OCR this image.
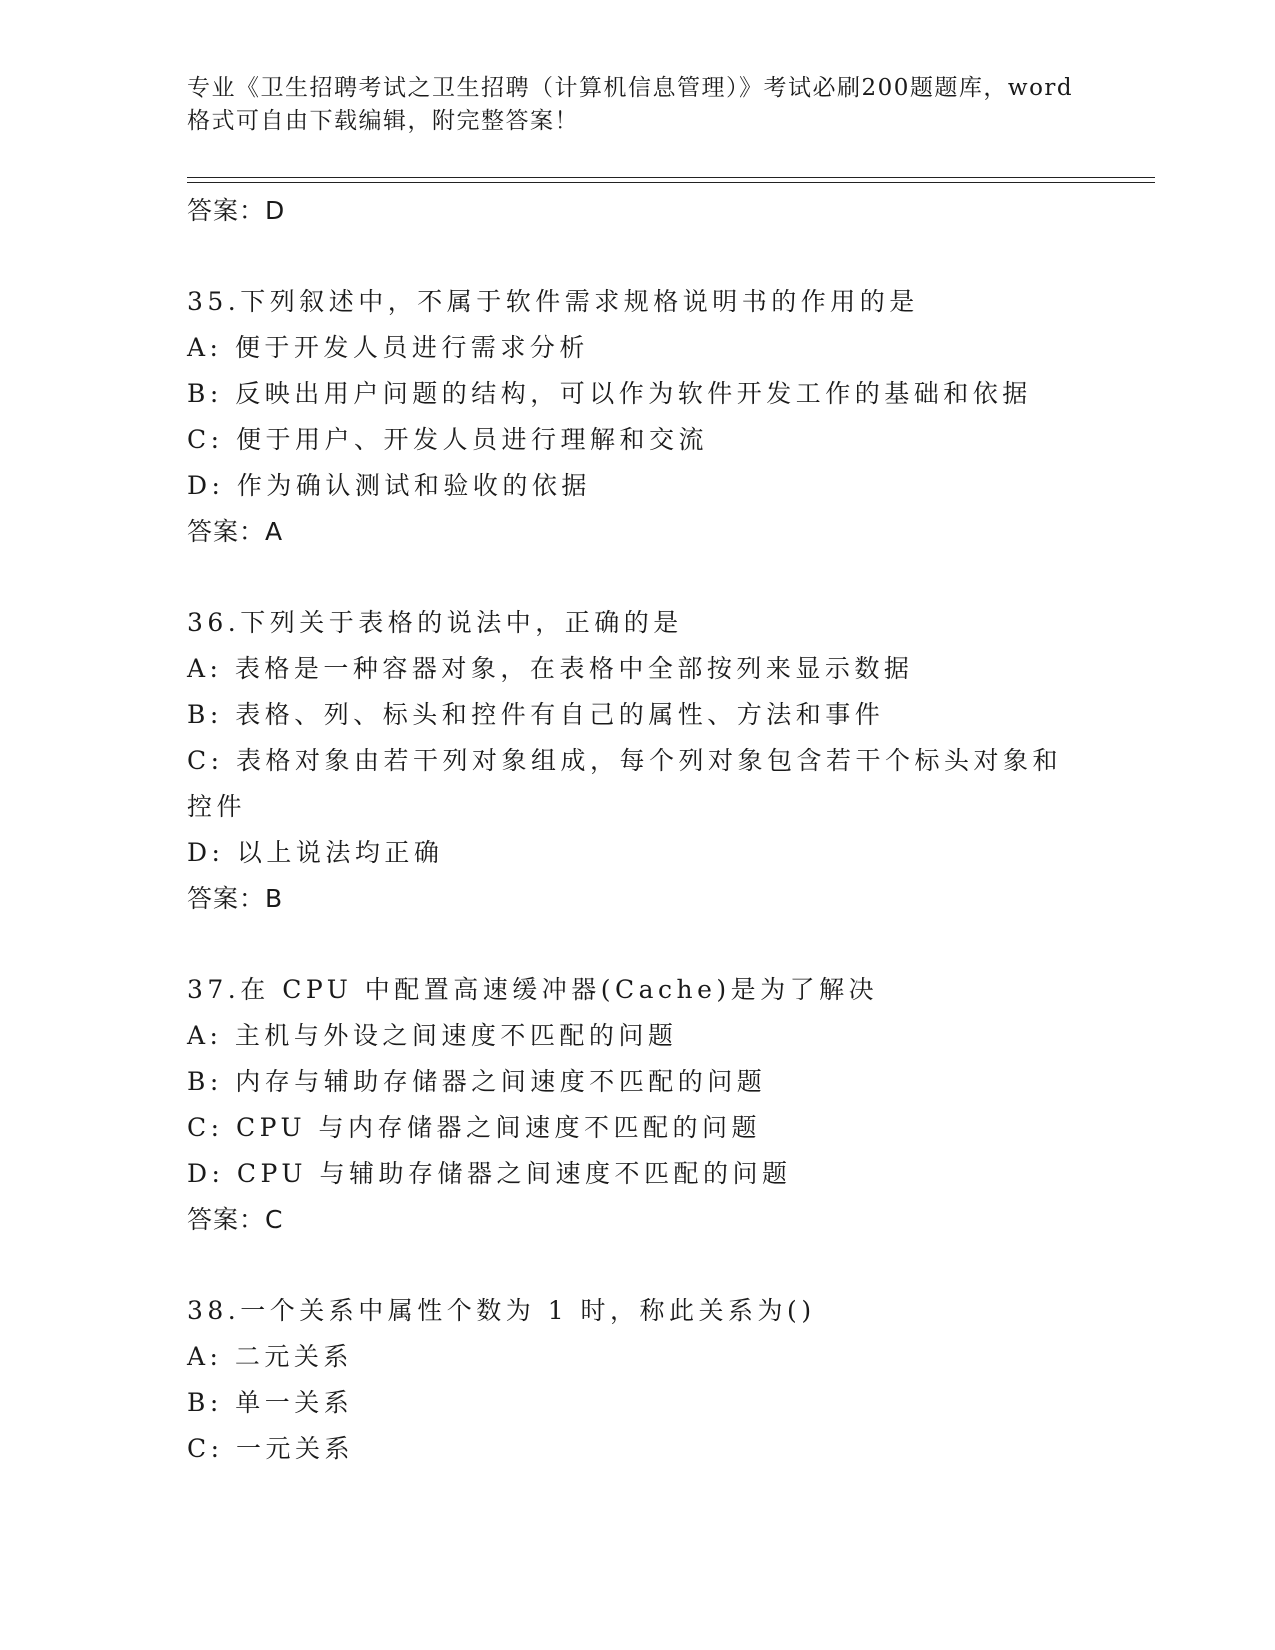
专业《卫生招聘考试之卫生招聘（计算机信息管理）》考试必刷200题题库，word
格式可自由下载编辑，附完整答案！
答案：D
35.下列叙述中，不属于软件需求规格说明书的作用的是
A: 便于开发人员进行需求分析
B: 反映出用户问题的结构，可以作为软件开发工作的基础和依据
C: 便于用户、开发人员进行理解和交流
D: 作为确认测试和验收的依据
答案：A
36.下列关于表格的说法中，正确的是
A: 表格是一种容器对象，在表格中全部按列来显示数据
B: 表格、列、标头和控件有自己的属性、方法和事件
C: 表格对象由若干列对象组成，每个列对象包含若干个标头对象和控件
D: 以上说法均正确
答案：B
37.在 CPU 中配置高速缓冲器(Cache)是为了解决
A: 主机与外设之间速度不匹配的问题
B: 内存与辅助存储器之间速度不匹配的问题
C: CPU 与内存储器之间速度不匹配的问题
D: CPU 与辅助存储器之间速度不匹配的问题
答案：C
38.一个关系中属性个数为 1 时，称此关系为()
A: 二元关系
B: 单一关系
C: 一元关系
